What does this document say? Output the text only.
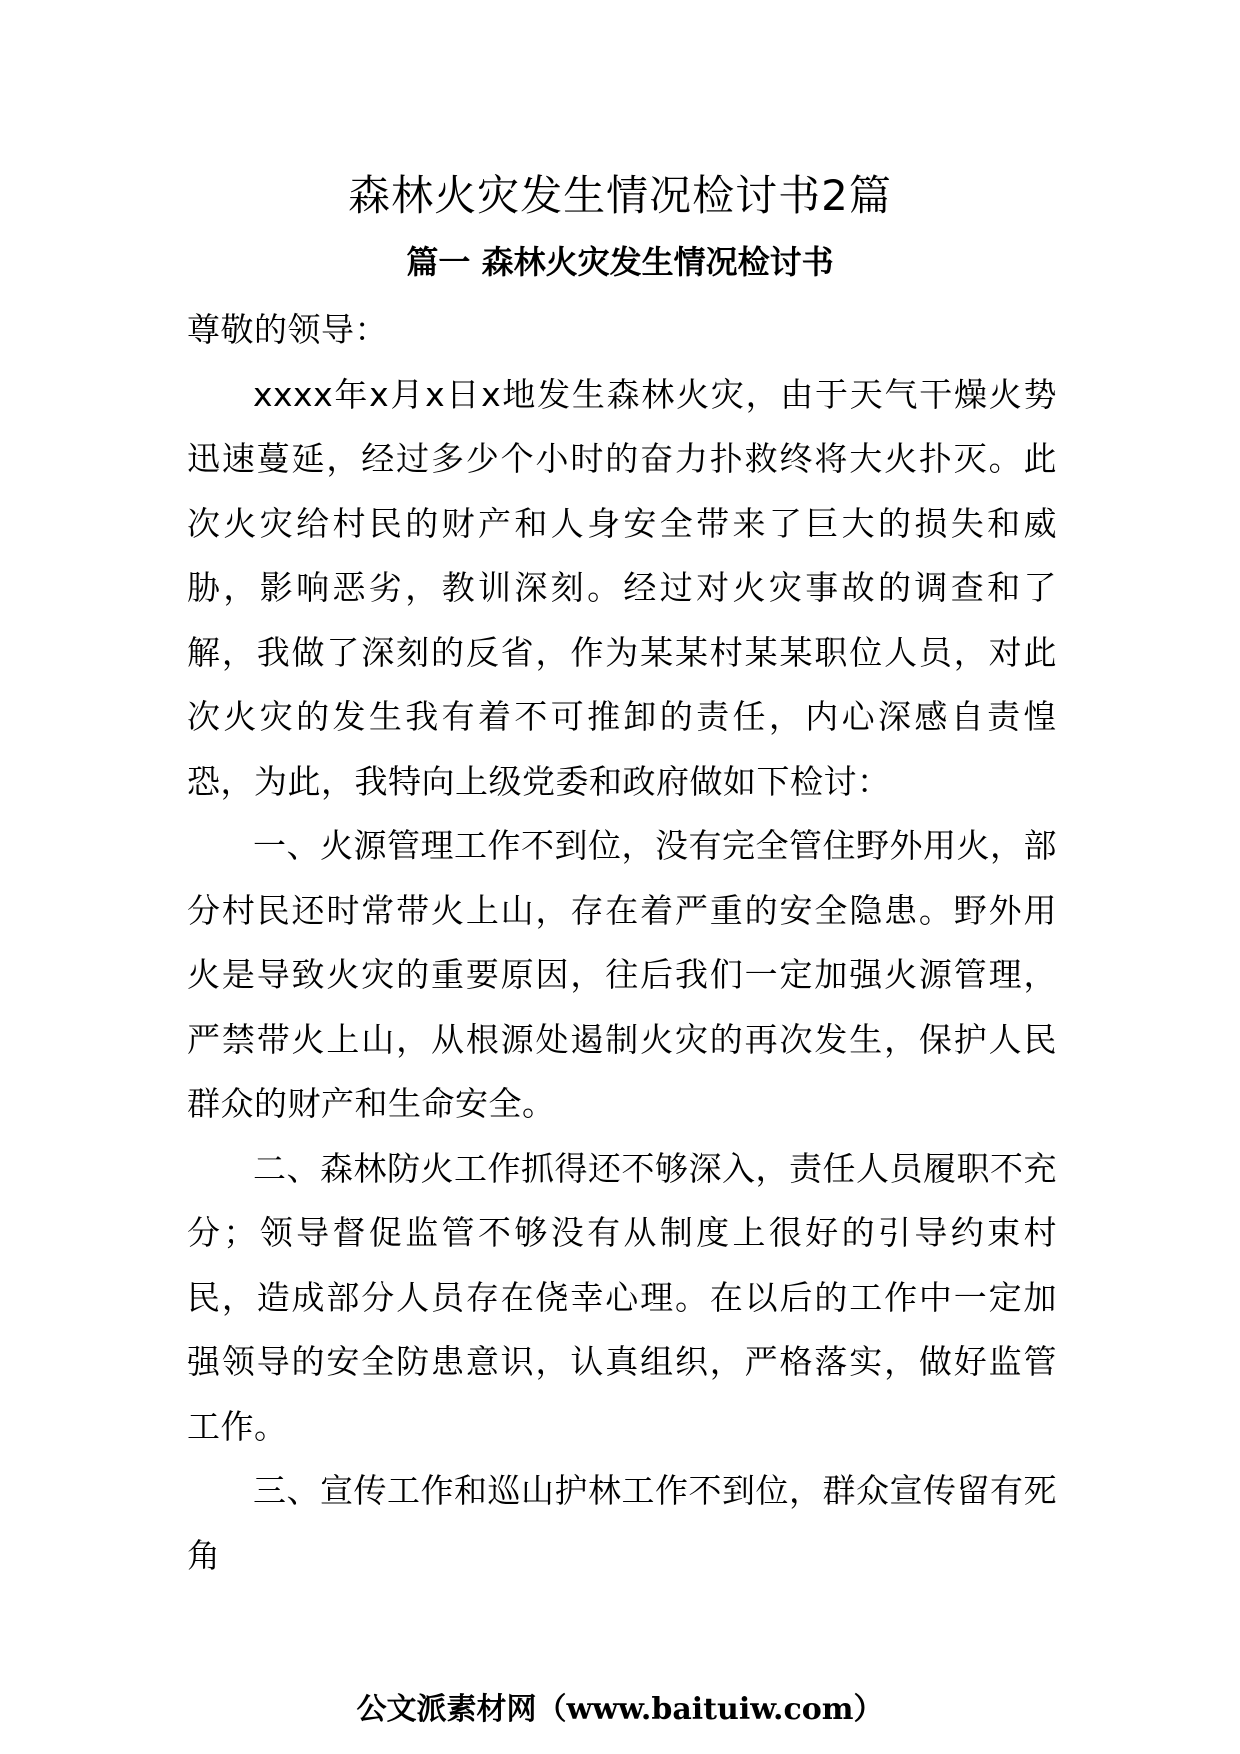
森林火灾发生情况检讨书2篇
篇一 森林火灾发生情况检讨书

尊敬的领导：

xxxx年x月x日x地发生森林火灾，由于天气干燥火势迅速蔓延，经过多少个小时的奋力扑救终将大火扑灭。此次火灾给村民的财产和人身安全带来了巨大的损失和威胁，影响恶劣，教训深刻。经过对火灾事故的调查和了解，我做了深刻的反省，作为某某村某某职位人员，对此次火灾的发生我有着不可推卸的责任，内心深感自责惶恐，为此，我特向上级党委和政府做如下检讨：

一、火源管理工作不到位，没有完全管住野外用火，部分村民还时常带火上山，存在着严重的安全隐患。野外用火是导致火灾的重要原因，往后我们一定加强火源管理，严禁带火上山，从根源处遏制火灾的再次发生，保护人民群众的财产和生命安全。

二、森林防火工作抓得还不够深入，责任人员履职不充分；领导督促监管不够没有从制度上很好的引导约束村民，造成部分人员存在侥幸心理。在以后的工作中一定加强领导的安全防患意识，认真组织，严格落实，做好监管工作。

三、宣传工作和巡山护林工作不到位，群众宣传留有死角

公文派素材网（www.baituiw.com）
